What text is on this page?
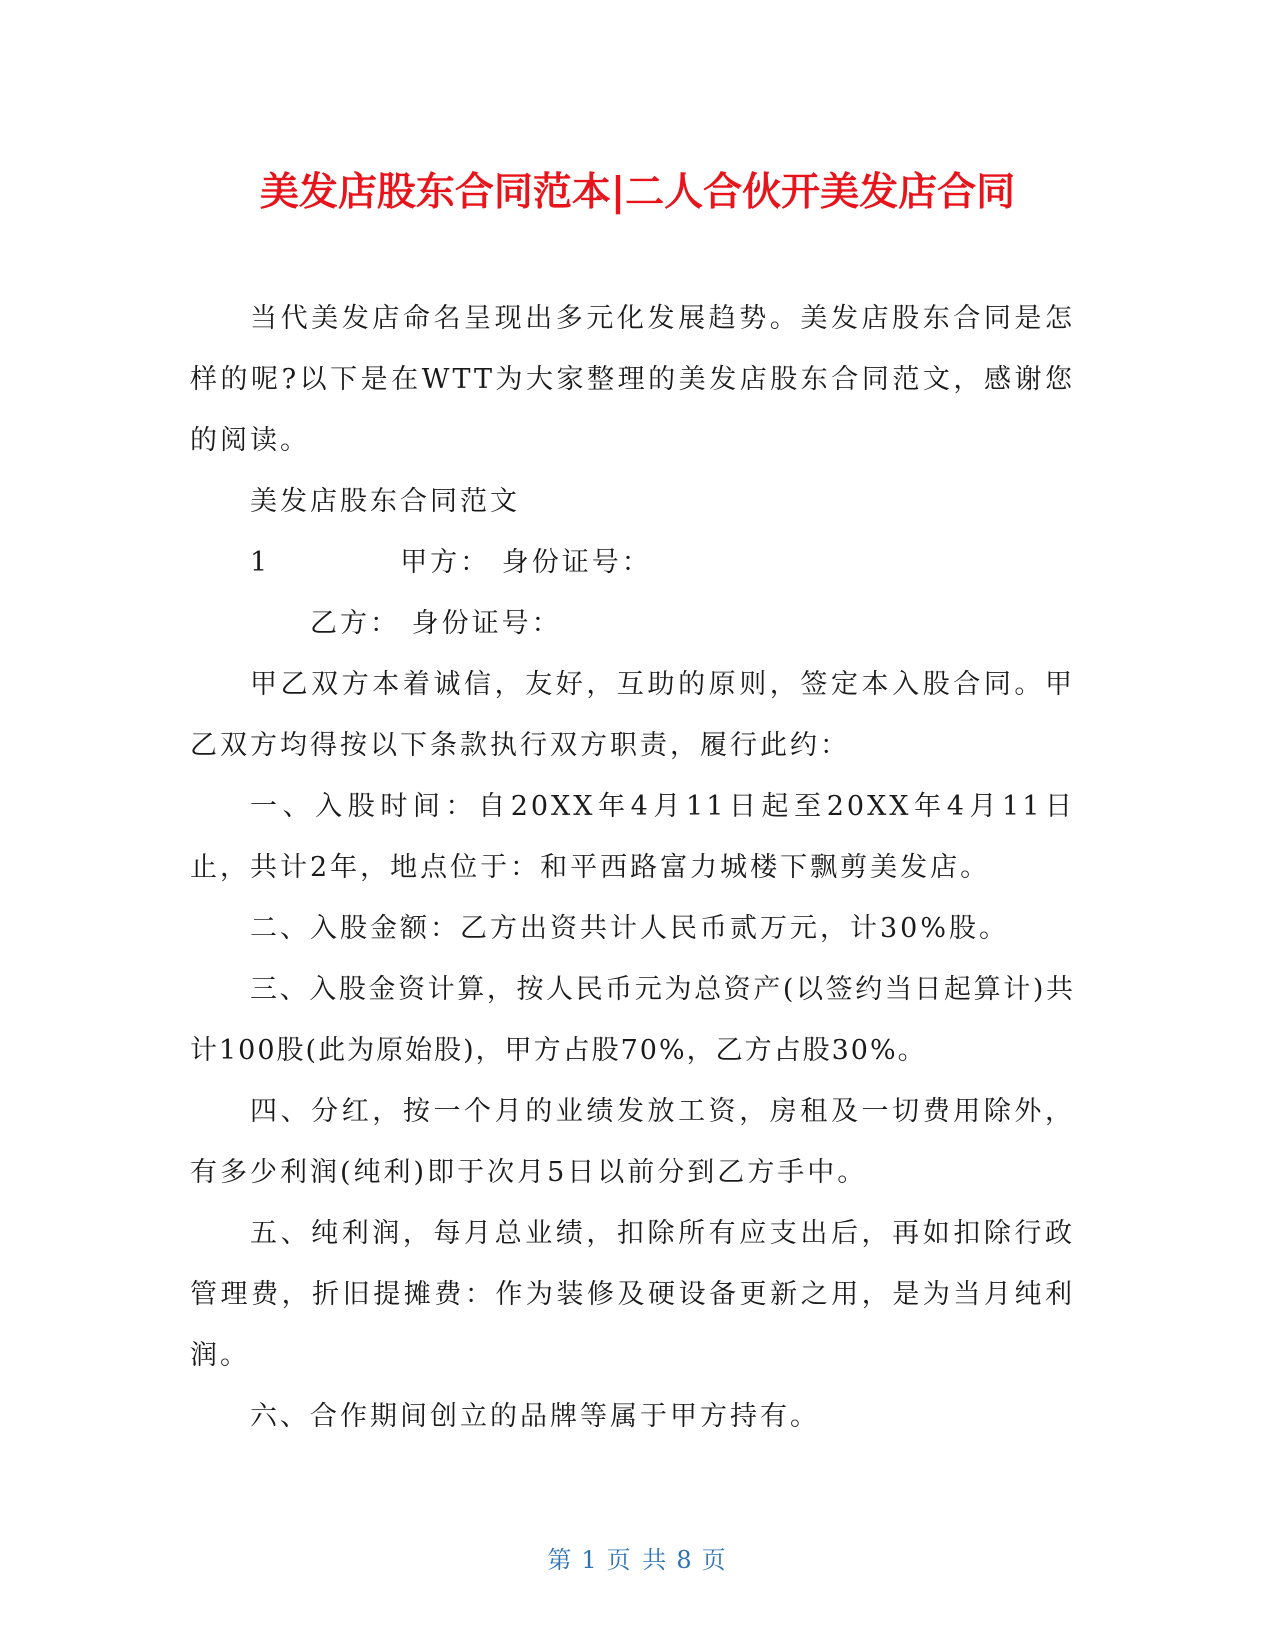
美发店股东合同范本|二人合伙开美发店合同

当代美发店命名呈现出多元化发展趋势。美发店股东合同是怎样的呢?以下是在WTT为大家整理的美发店股东合同范文，感谢您的阅读。

美发店股东合同范文

1	甲方： 身份证号：

乙方： 身份证号：

甲乙双方本着诚信，友好，互助的原则，签定本入股合同。甲乙双方均得按以下条款执行双方职责，履行此约：

一、入股时间：自20XX年4月11日起至20XX年4月11日止，共计2年，地点位于：和平西路富力城楼下飘剪美发店。

二、入股金额：乙方出资共计人民币贰万元，计30%股。

三、入股金资计算，按人民币元为总资产(以签约当日起算计)共计100股(此为原始股)，甲方占股70%，乙方占股30%。

四、分红，按一个月的业绩发放工资，房租及一切费用除外，有多少利润(纯利)即于次月5日以前分到乙方手中。

五、纯利润，每月总业绩，扣除所有应支出后，再如扣除行政管理费，折旧提摊费：作为装修及硬设备更新之用，是为当月纯利润。

六、合作期间创立的品牌等属于甲方持有。

第 1 页 共 8 页
